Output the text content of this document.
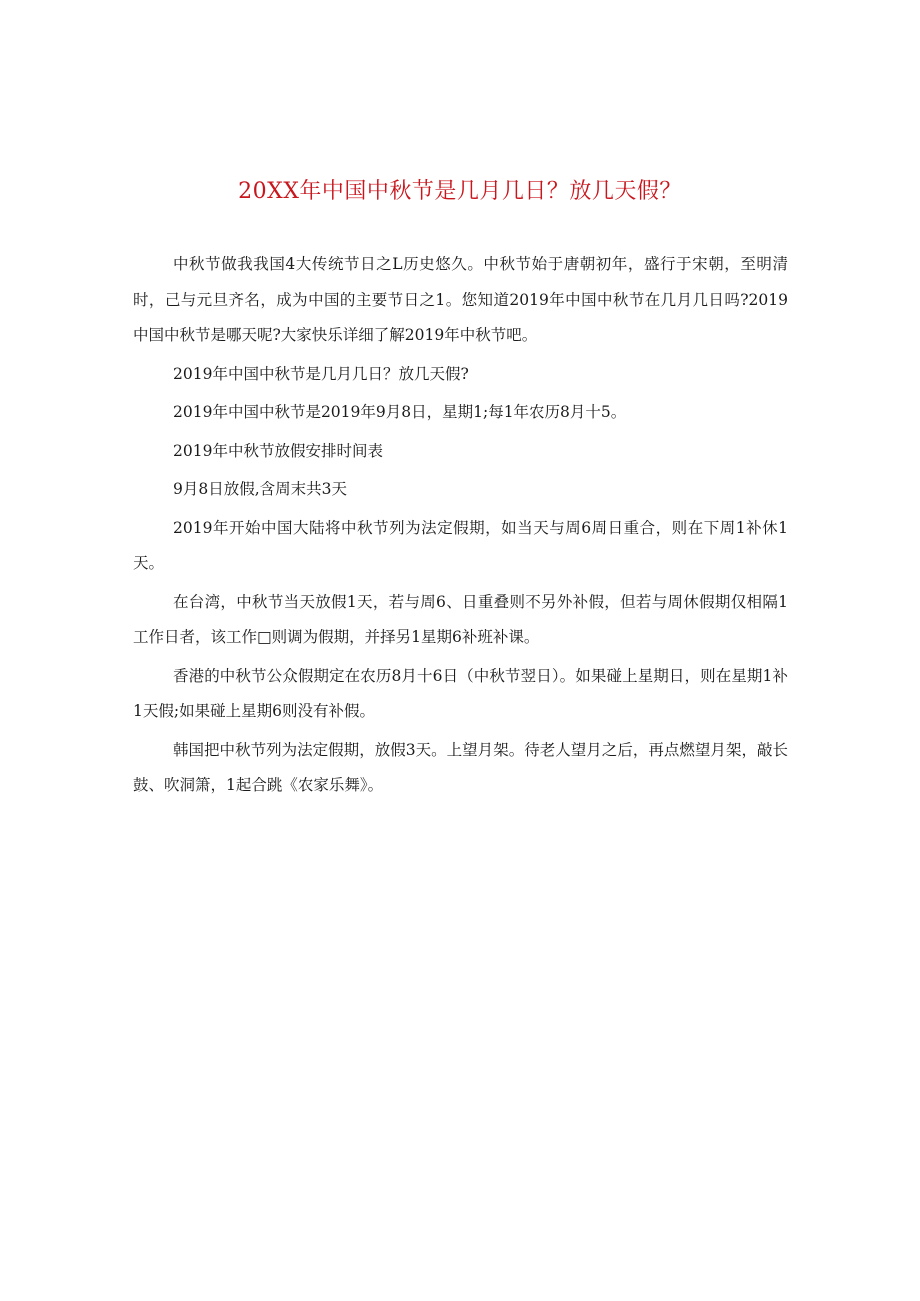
20XX年中国中秋节是几月几日？放几天假？

中秋节做我我国4大传统节日之L历史悠久。中秋节始于唐朝初年，盛行于宋朝，至明清时，己与元旦齐名，成为中国的主要节日之1。您知道2019年中国中秋节在几月几日吗?2019中国中秋节是哪天呢?大家快乐详细了解2019年中秋节吧。

2019年中国中秋节是几月几日？放几天假?

2019年中国中秋节是2019年9月8日，星期1;每1年农历8月十5。

2019年中秋节放假安排时间表

9月8日放假,含周末共3天

2019年开始中国大陆将中秋节列为法定假期，如当天与周6周日重合，则在下周1补休1天。

在台湾，中秋节当天放假1天，若与周6、日重叠则不另外补假，但若与周休假期仅相隔1工作日者，该工作□则调为假期，并择另1星期6补班补课。

香港的中秋节公众假期定在农历8月十6日（中秋节翌日）。如果碰上星期日，则在星期1补1天假;如果碰上星期6则没有补假。

韩国把中秋节列为法定假期，放假3天。上望月架。待老人望月之后，再点燃望月架，敲长鼓、吹洞箫，1起合跳《农家乐舞》。
